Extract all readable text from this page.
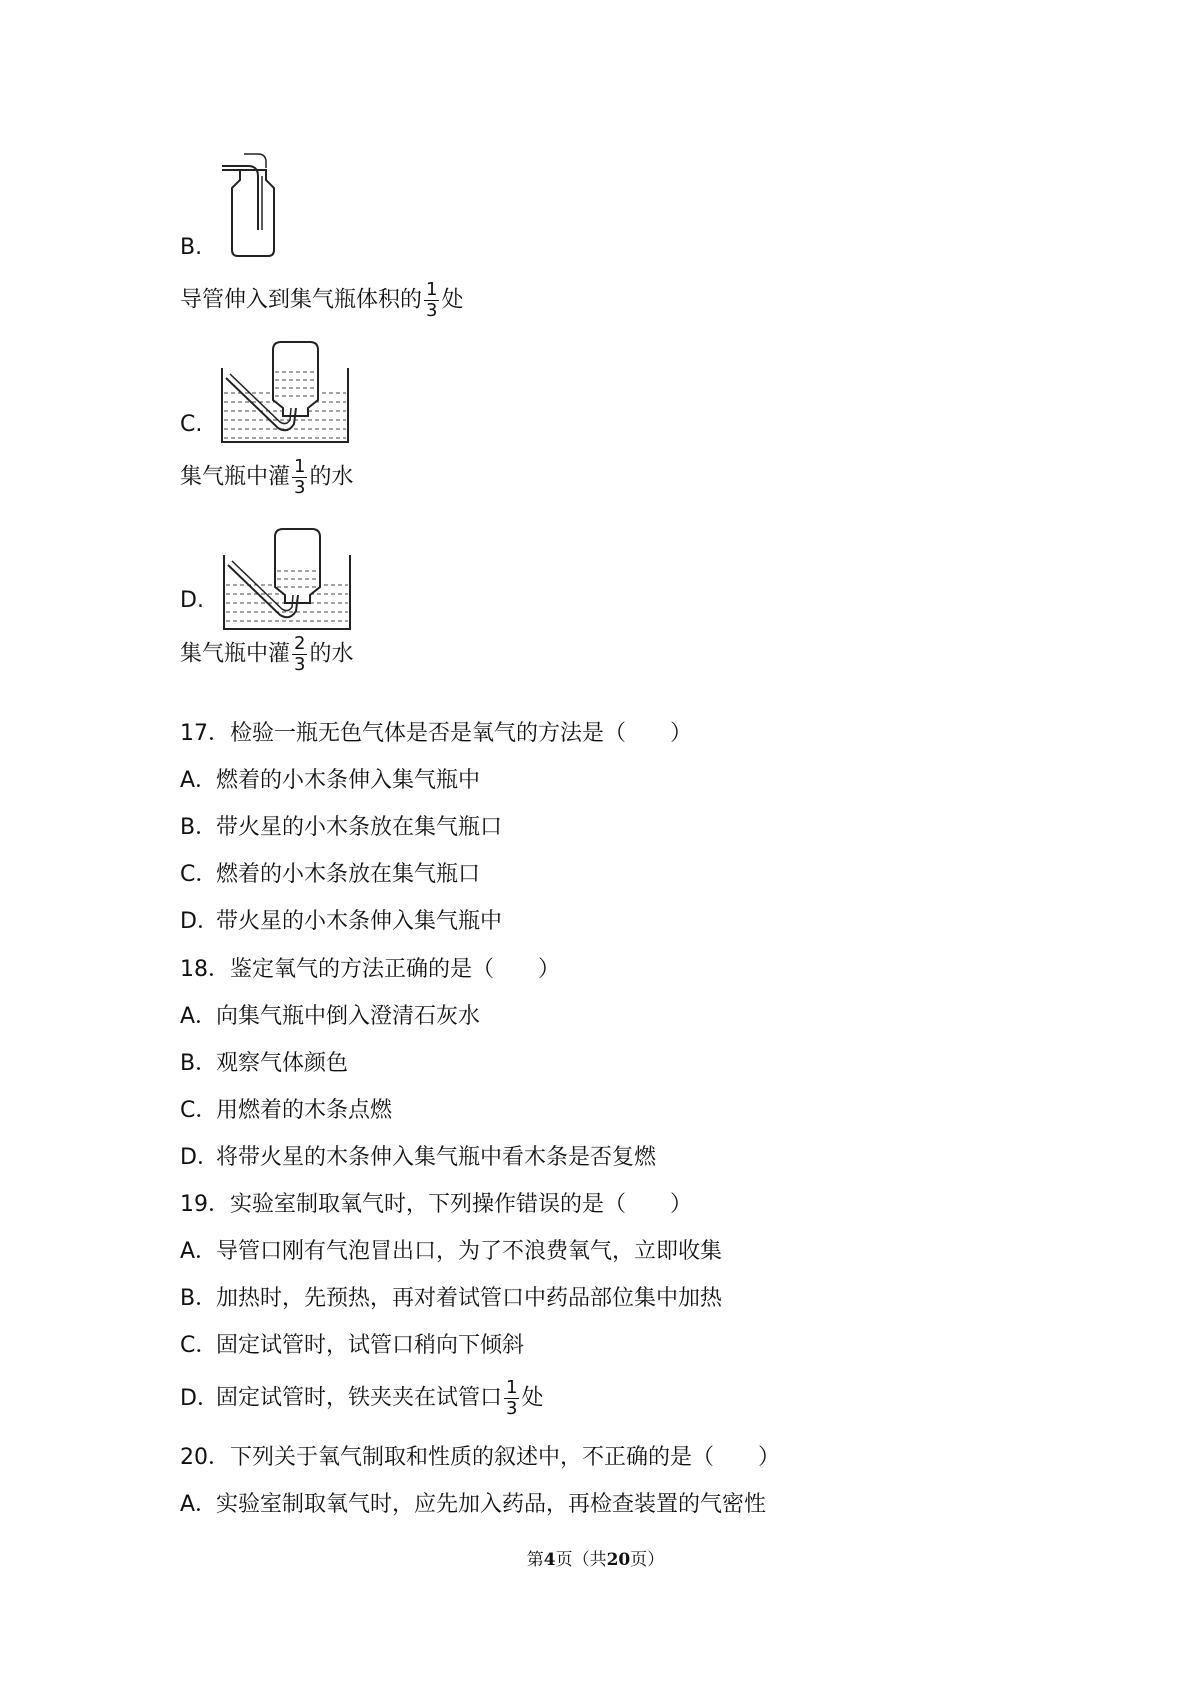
B.
导管伸入到集气瓶体积的 $\frac{1}{3}$ 处
C.
集气瓶中灌 $\frac{1}{3}$ 的水
D.
集气瓶中灌 $\frac{2}{3}$ 的水
17．检验一瓶无色气体是否是氧气的方法是（　　）
A．燃着的小木条伸入集气瓶中
B．带火星的小木条放在集气瓶口
C．燃着的小木条放在集气瓶口
D．带火星的小木条伸入集气瓶中
18．鉴定氧气的方法正确的是（　　）
A．向集气瓶中倒入澄清石灰水
B．观察气体颜色
C．用燃着的木条点燃
D．将带火星的木条伸入集气瓶中看木条是否复燃
19．实验室制取氧气时，下列操作错误的是（　　）
A．导管口刚有气泡冒出口，为了不浪费氧气，立即收集
B．加热时，先预热，再对着试管口中药品部位集中加热
C．固定试管时，试管口稍向下倾斜
D．固定试管时，铁夹夹在试管口 $\frac{1}{3}$ 处
20．下列关于氧气制取和性质的叙述中，不正确的是（　　）
A．实验室制取氧气时，应先加入药品，再检查装置的气密性
第4页（共20页）
